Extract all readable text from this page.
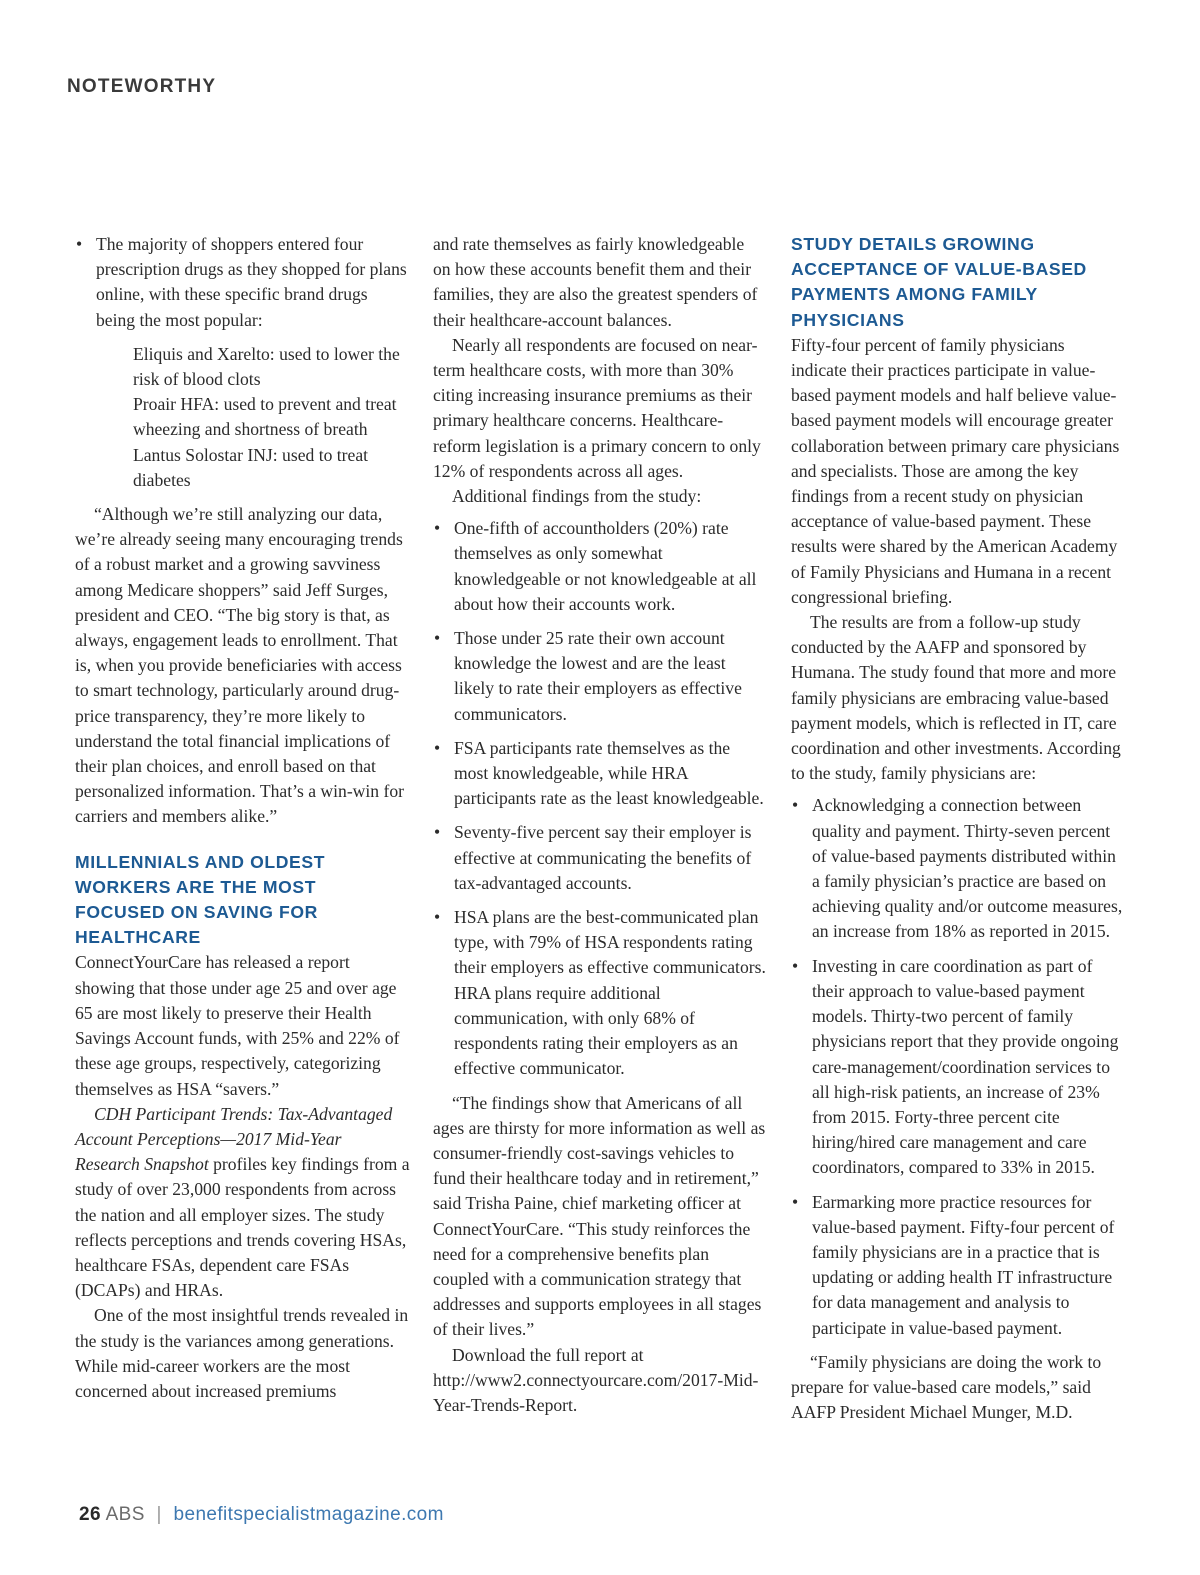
NOTEWORTHY
• The majority of shoppers entered four prescription drugs as they shopped for plans online, with these specific brand drugs being the most popular:

Eliquis and Xarelto: used to lower the risk of blood clots

Proair HFA: used to prevent and treat wheezing and shortness of breath

Lantus Solostar INJ: used to treat diabetes

“Although we’re still analyzing our data, we’re already seeing many encouraging trends of a robust market and a growing savviness among Medicare shoppers” said Jeff Surges, president and CEO. “The big story is that, as always, engagement leads to enrollment. That is, when you provide beneficiaries with access to smart technology, particularly around drug-price transparency, they’re more likely to understand the total financial implications of their plan choices, and enroll based on that personalized information. That’s a win-win for carriers and members alike.”

MILLENNIALS AND OLDEST WORKERS ARE THE MOST FOCUSED ON SAVING FOR HEALTHCARE

ConnectYourCare has released a report showing that those under age 25 and over age 65 are most likely to preserve their Health Savings Account funds, with 25% and 22% of these age groups, respectively, categorizing themselves as HSA “savers.”

CDH Participant Trends: Tax-Advantaged Account Perceptions—2017 Mid-Year Research Snapshot profiles key findings from a study of over 23,000 respondents from across the nation and all employer sizes. The study reflects perceptions and trends covering HSAs, healthcare FSAs, dependent care FSAs (DCAPs) and HRAs.

One of the most insightful trends revealed in the study is the variances among generations. While mid-career workers are the most concerned about increased premiums

and rate themselves as fairly knowledgeable on how these accounts benefit them and their families, they are also the greatest spenders of their healthcare-account balances.

Nearly all respondents are focused on near-term healthcare costs, with more than 30% citing increasing insurance premiums as their primary healthcare concerns. Healthcare-reform legislation is a primary concern to only 12% of respondents across all ages.

Additional findings from the study:

• One-fifth of accountholders (20%) rate themselves as only somewhat knowledgeable or not knowledgeable at all about how their accounts work.
• Those under 25 rate their own account knowledge the lowest and are the least likely to rate their employers as effective communicators.
• FSA participants rate themselves as the most knowledgeable, while HRA participants rate as the least knowledgeable.
• Seventy-five percent say their employer is effective at communicating the benefits of tax-advantaged accounts.
• HSA plans are the best-communicated plan type, with 79% of HSA respondents rating their employers as effective communicators. HRA plans require additional communication, with only 68% of respondents rating their employers as an effective communicator.

“The findings show that Americans of all ages are thirsty for more information as well as consumer-friendly cost-savings vehicles to fund their healthcare today and in retirement,” said Trisha Paine, chief marketing officer at ConnectYourCare. “This study reinforces the need for a comprehensive benefits plan coupled with a communication strategy that addresses and supports employees in all stages of their lives.”

Download the full report at http://www2.connectyourcare.com/2017-Mid-Year-Trends-Report.

STUDY DETAILS GROWING ACCEPTANCE OF VALUE-BASED PAYMENTS AMONG FAMILY PHYSICIANS

Fifty-four percent of family physicians indicate their practices participate in value-based payment models and half believe value-based payment models will encourage greater collaboration between primary care physicians and specialists. Those are among the key findings from a recent study on physician acceptance of value-based payment. These results were shared by the American Academy of Family Physicians and Humana in a recent congressional briefing.

The results are from a follow-up study conducted by the AAFP and sponsored by Humana. The study found that more and more family physicians are embracing value-based payment models, which is reflected in IT, care coordination and other investments. According to the study, family physicians are:

• Acknowledging a connection between quality and payment. Thirty-seven percent of value-based payments distributed within a family physician’s practice are based on achieving quality and/or outcome measures, an increase from 18% as reported in 2015.
• Investing in care coordination as part of their approach to value-based payment models. Thirty-two percent of family physicians report that they provide ongoing care-management/coordination services to all high-risk patients, an increase of 23% from 2015. Forty-three percent cite hiring/hired care management and care coordinators, compared to 33% in 2015.
• Earmarking more practice resources for value-based payment. Fifty-four percent of family physicians are in a practice that is updating or adding health IT infrastructure for data management and analysis to participate in value-based payment.

“Family physicians are doing the work to prepare for value-based care models,” said AAFP President Michael Munger, M.D.

26 ABS | benefitspecialistmagazine.com
